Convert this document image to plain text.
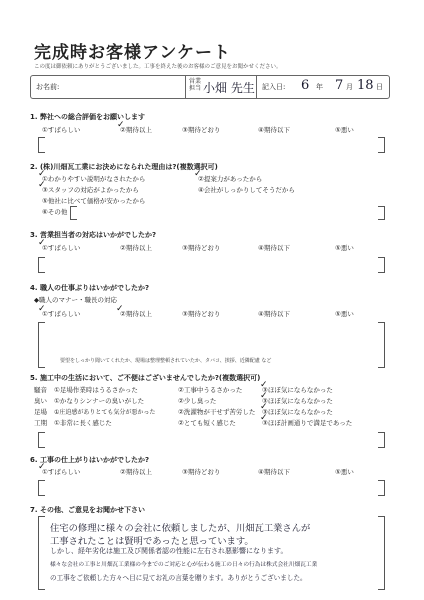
完成時お客様アンケート
この度は御依頼にありがとうございました。工事を終えた後のお客様のご意見をお聞かせください。
お名前:
営業
担当 小畑 先生 記入日: 6 年 7 月 18 日
1. 弊社への総合評価をお願いします
①すばらしい	②期待以上	③期待どおり	④期待以下	⑤悪い
✓
2. (株)川畑瓦工業にお決めになられた理由は?(複数選択可)
①わかりやすい説明がなされたから	②提案力があったから
③スタッフの対応がよかったから	④会社がしっかりしてそうだから
⑤他社に比べて価格が安かったから
⑥その他
✓	✓
✓
3. 営業担当者の対応はいかがでしたか?
①すばらしい	②期待以上	③期待どおり	④期待以下	⑤悪い
✓
4. 職人の仕事ぶりはいかがでしたか?
◆職人のマナー・職長の対応
①すばらしい	②期待以上	③期待どおり	④期待以下	⑤悪い
✓	✓
要望をしっかり聞いてくれたか、現場は整理整頓されていたか、タバコ、挨拶、近隣配慮 など
5. 施工中の生活において、ご不便はございませんでしたか?(複数選択可)
騒音 ①足場作業時はうるさかった	②工事中うるさかった	③ほぼ気にならなかった
臭い ①かなりシンナーの臭いがした	②少し臭った	③ほぼ気にならなかった
足場 ①庄迫感がありとても気分が悪かった	②洗濯物が干せず苦労した ③ほぼ気にならなかった
工期 ①非常に長く感じた	②とても短く感じた	③ほぼ計画通りで満足であった
✓
✓
✓
✓
6. 工事の仕上がりはいかがでしたか?
①すばらしい	②期待以上	③期待どおり	④期待以下	⑤悪い
✓
7. その他、ご意見をお聞かせ下さい
住宅の修理に様々の会社に依頼しましたが、川畑瓦工業さんが
工事されたことは賢明であったと思っています。
しかし、経年劣化は施工及び関係者認の性能に左右され悪影響になります。
様々な会社の工事と川畑瓦工業様の今までのご対応と心が伝わる施工の日々の行為は株式会社川畑瓦工業
の工事をご依頼した方々へ目に見てお礼の言葉を贈ります。ありがとうございました。
